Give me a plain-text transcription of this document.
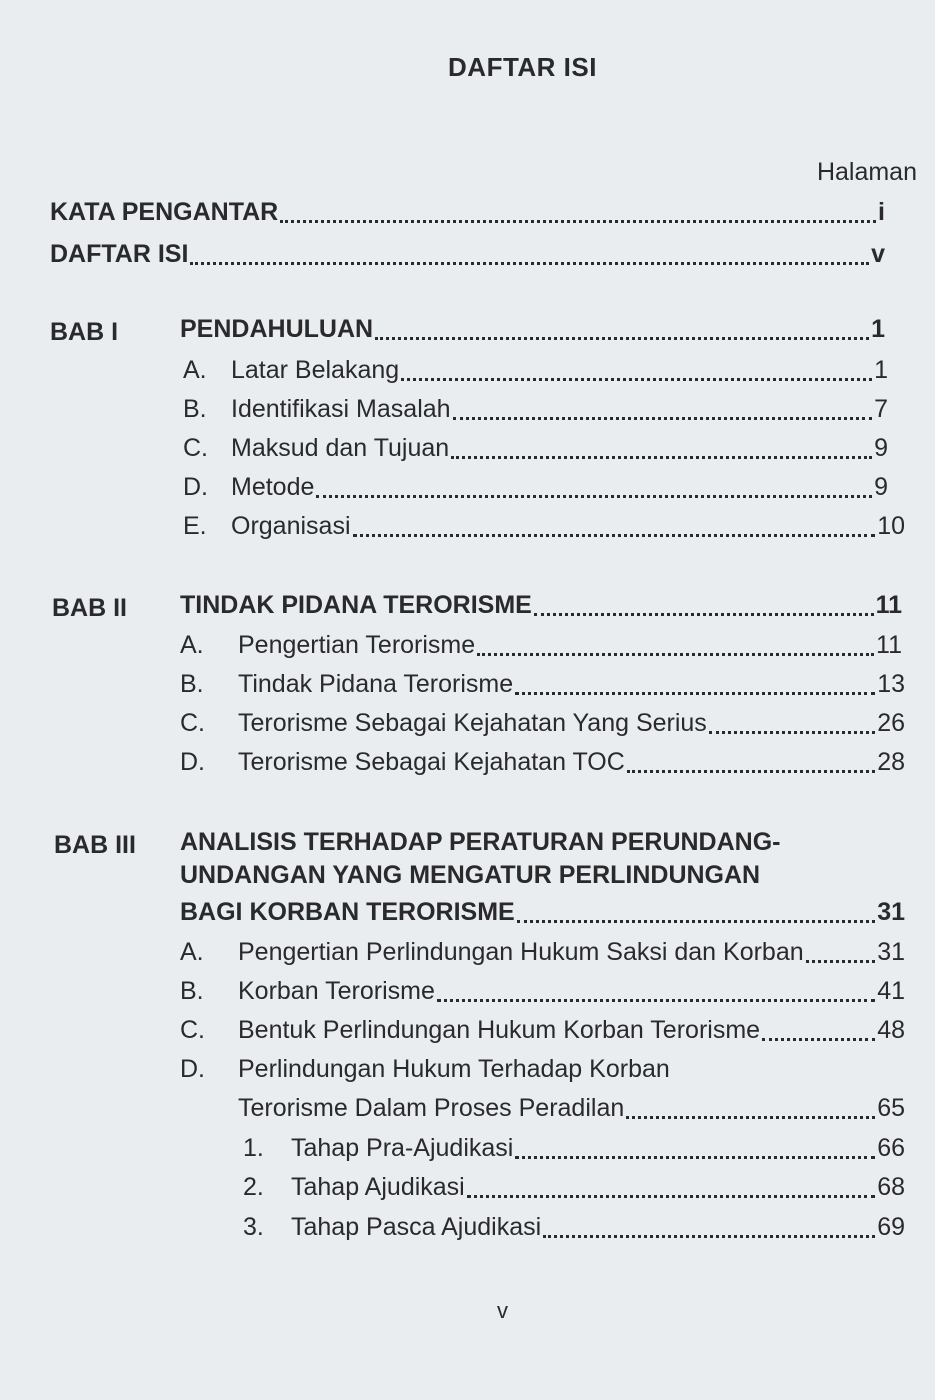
DAFTAR ISI
Halaman
KATA PENGANTAR	i
DAFTAR ISI	v
BAB I PENDAHULUAN	1
A. Latar Belakang	1
B. Identifikasi Masalah	7
C. Maksud dan Tujuan	9
D. Metode	9
E. Organisasi	10
BAB II TINDAK PIDANA TERORISME	11
A.	Pengertian Terorisme	11
B.	Tindak Pidana Terorisme	13
C.	Terorisme Sebagai Kejahatan Yang Serius	26
D.	Terorisme Sebagai Kejahatan TOC	28
BAB III ANALISIS TERHADAP PERATURAN PERUNDANG-
UNDANGAN YANG MENGATUR PERLINDUNGAN
BAGI KORBAN TERORISME	31
A.	Pengertian Perlindungan Hukum Saksi dan Korban	31
B.	Korban Terorisme	41
C.	Bentuk Perlindungan Hukum Korban Terorisme	48
D.	Perlindungan Hukum Terhadap Korban
Terorisme Dalam Proses Peradilan	65
1.	Tahap Pra-Ajudikasi	66
2.	Tahap Ajudikasi	68
3.	Tahap Pasca Ajudikasi	69
v
